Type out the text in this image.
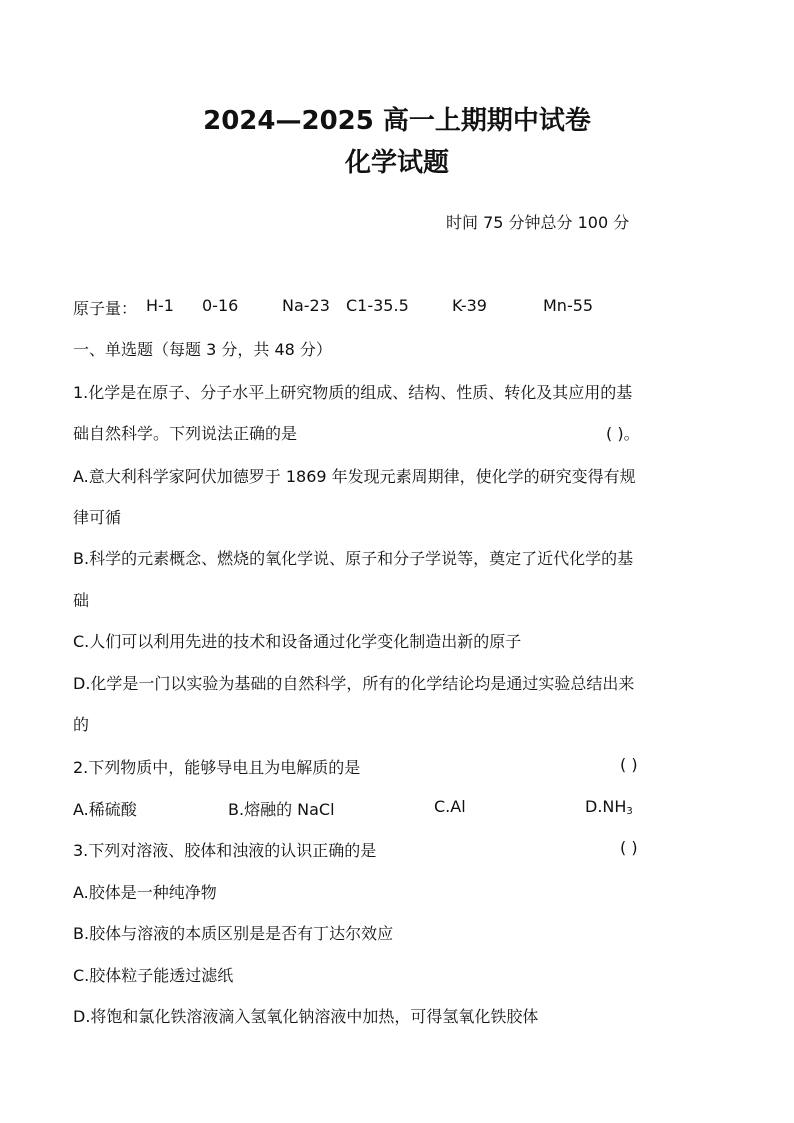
2024—2025 高一上期期中试卷
化学试题
时间 75 分钟总分 100 分
原子量： H-1 0-16	Na-23 C1-35.5	K-39	Mn-55
一、单选题（每题 3 分，共 48 分）
1.化学是在原子、分子水平上研究物质的组成、结构、性质、转化及其应用的基
础自然科学。下列说法正确的是	( )。
A.意大利科学家阿伏加德罗于 1869 年发现元素周期律，使化学的研究变得有规
律可循
B.科学的元素概念、燃烧的氧化学说、原子和分子学说等，奠定了近代化学的基
础
C.人们可以利用先进的技术和设备通过化学变化制造出新的原子
D.化学是一门以实验为基础的自然科学，所有的化学结论均是通过实验总结出来
的
2.下列物质中，能够导电且为电解质的是	( )
A.稀硫酸	B.熔融的 NaCl	C.Al	$D.NH_3$
3.下列对溶液、胶体和浊液的认识正确的是	( )
A.胶体是一种纯净物
B.胶体与溶液的本质区别是是否有丁达尔效应
C.胶体粒子能透过滤纸
D.将饱和氯化铁溶液滴入氢氧化钠溶液中加热，可得氢氧化铁胶体
